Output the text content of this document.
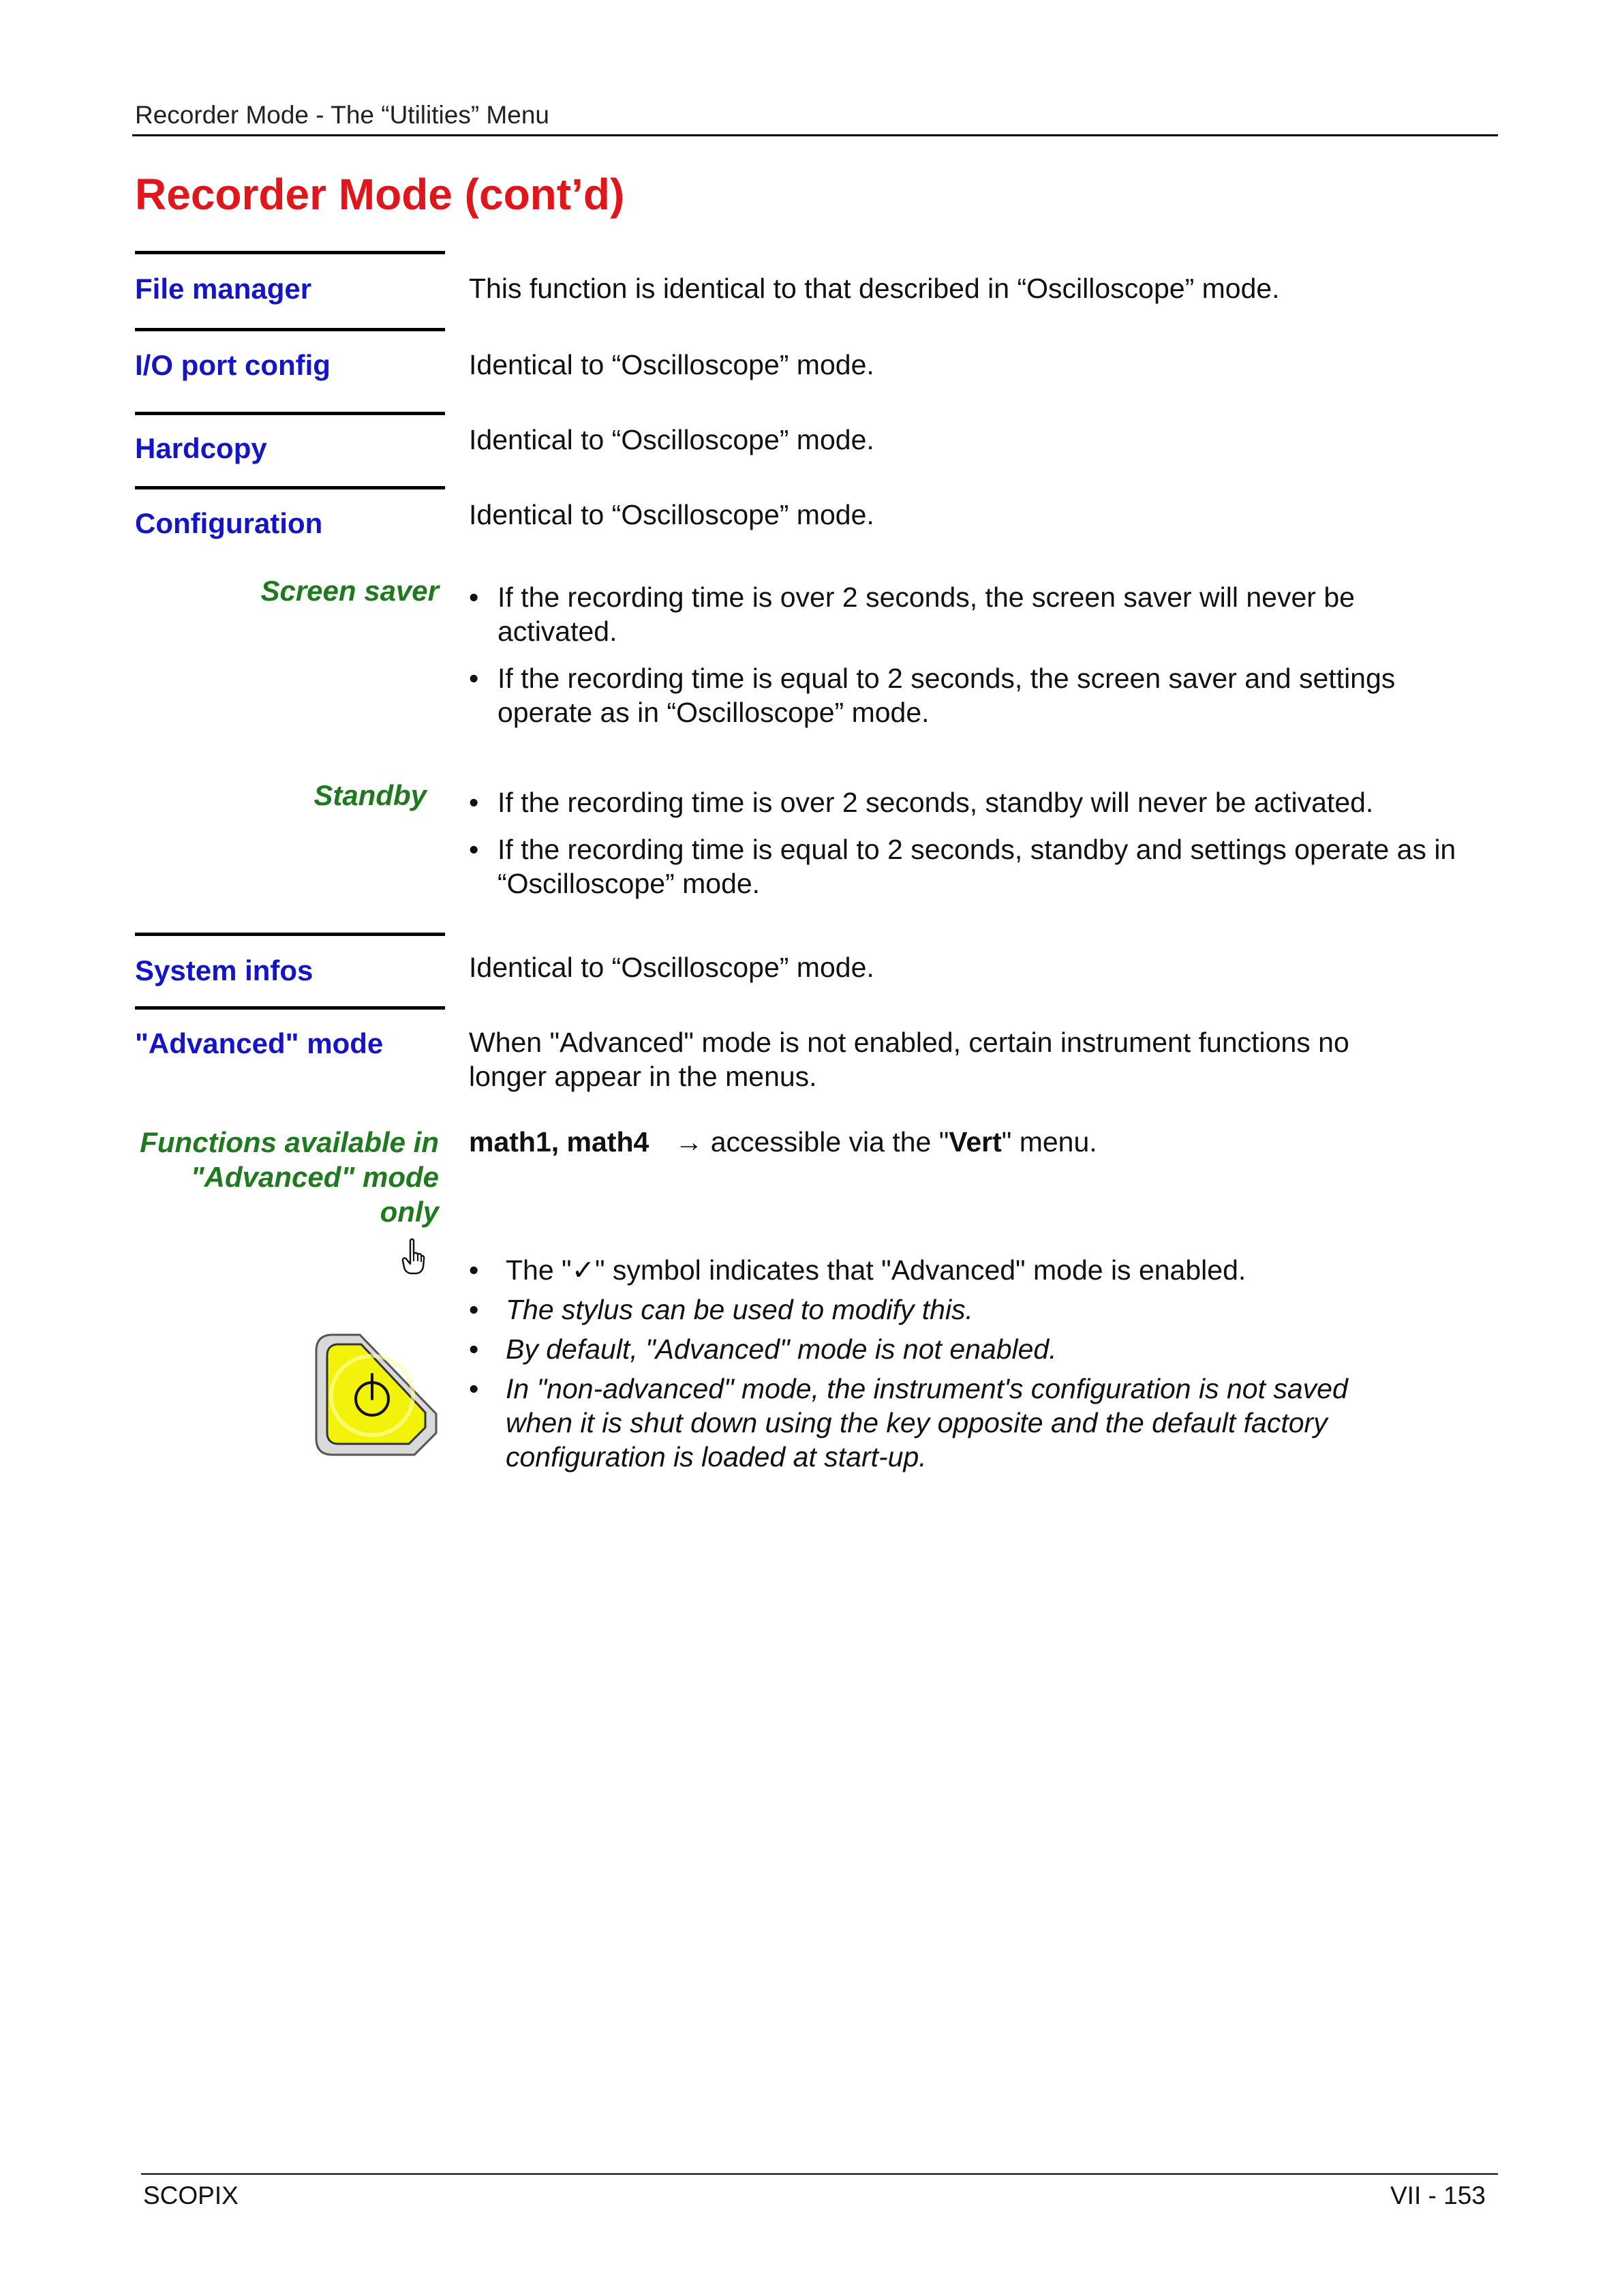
Recorder Mode - The “Utilities” Menu
Recorder Mode (cont’d)
File manager	This function is identical to that described in “Oscilloscope” mode.
I/O port config	Identical to “Oscilloscope” mode.
Hardcopy	Identical to “Oscilloscope” mode.
Configuration	Identical to “Oscilloscope” mode.
Screen saver • If the recording time is over 2 seconds, the screen saver will never be activated.
• If the recording time is equal to 2 seconds, the screen saver and settings operate as in “Oscilloscope” mode.
Standby • If the recording time is over 2 seconds, standby will never be activated.
• If the recording time is equal to 2 seconds, standby and settings operate as in “Oscilloscope” mode.
System infos	Identical to “Oscilloscope” mode.
"Advanced" mode	When "Advanced" mode is not enabled, certain instrument functions no
longer appear in the menus.
Functions available in
"Advanced" mode
only
math1, math4 → accessible via the "Vert" menu.
• The "✓" symbol indicates that "Advanced" mode is enabled.
• The stylus can be used to modify this.
• By default, "Advanced" mode is not enabled.
• In "non-advanced" mode, the instrument's configuration is not saved when it is shut down using the key opposite and the default factory configuration is loaded at start-up.
SCOPIX	VII - 153
